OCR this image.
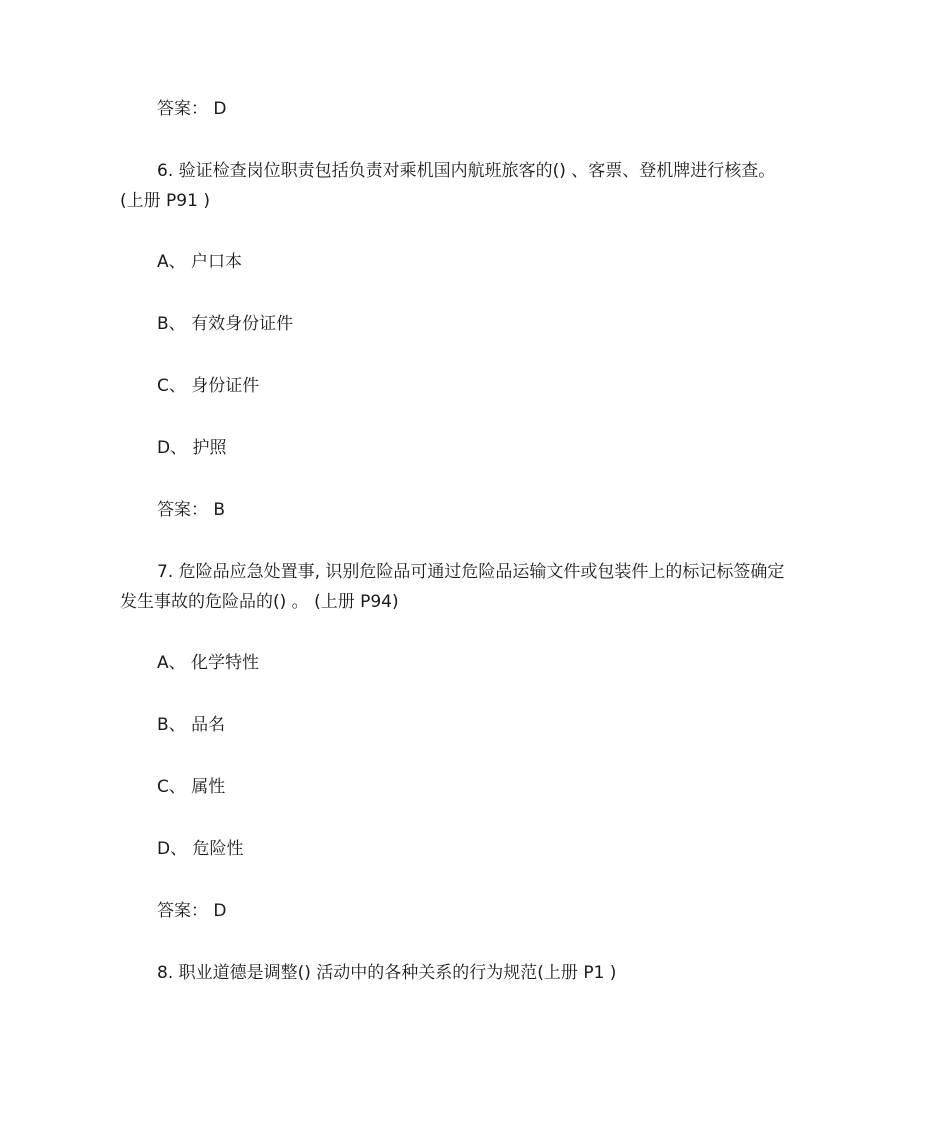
答案： D
6. 验证检查岗位职责包括负责对乘机国内航班旅客的() 、客票、登机牌进行核查。
(上册 P91 )
A、 户口本
B、 有效身份证件
C、 身份证件
D、 护照
答案： B
7. 危险品应急处置事, 识别危险品可通过危险品运输文件或包装件上的标记标签确定
发生事故的危险品的() 。 (上册 P94)
A、 化学特性
B、 品名
C、 属性
D、 危险性
答案： D
8. 职业道德是调整() 活动中的各种关系的行为规范(上册 P1 )
